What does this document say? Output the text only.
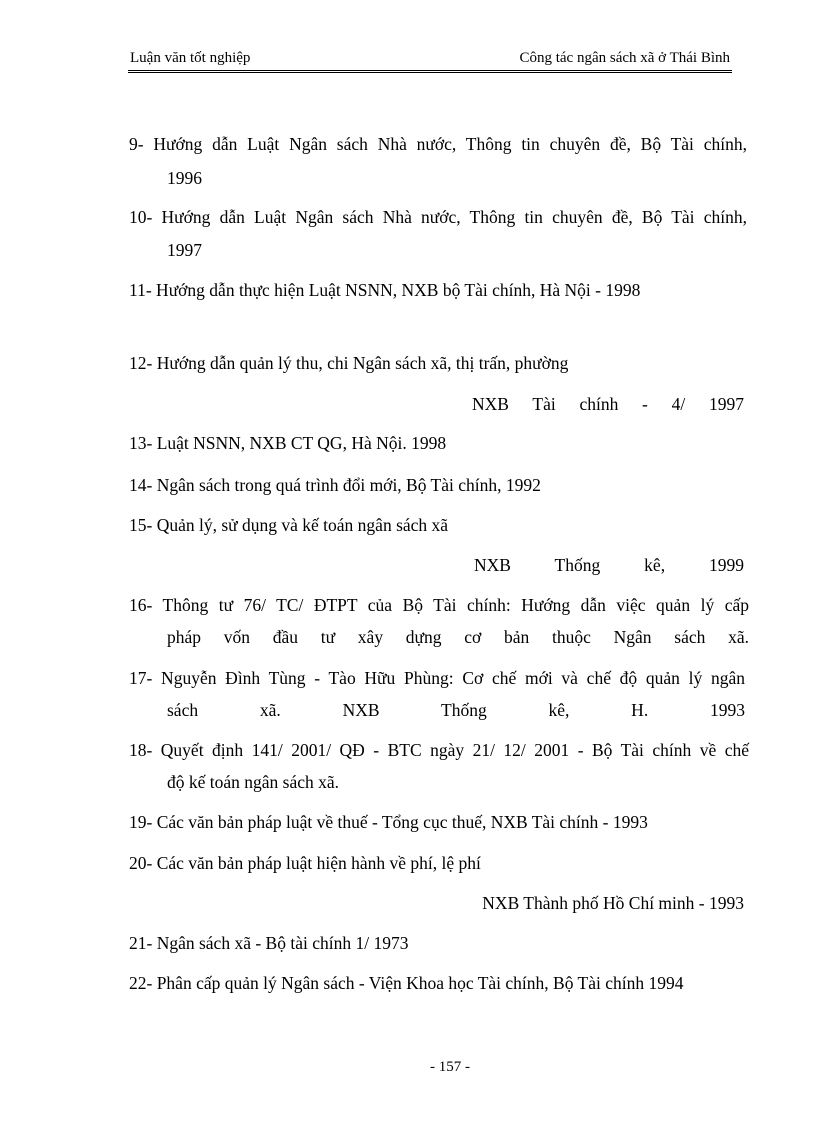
Luận văn tốt nghiệp	Công tác ngân sách xã ở Thái Bình
9- Hướng dẫn Luật Ngân sách Nhà nước, Thông tin chuyên đề, Bộ Tài chính,
1996
10- Hướng dẫn Luật Ngân sách Nhà nước, Thông tin chuyên đề, Bộ Tài chính,
1997
11- Hướng dẫn thực hiện Luật NSNN, NXB bộ Tài chính, Hà Nội - 1998
12- Hướng dẫn quản lý thu, chi Ngân sách xã, thị trấn, phường
NXB Tài chính - 4/ 1997
13- Luật NSNN, NXB CT QG, Hà Nội. 1998
14- Ngân sách trong quá trình đổi mới, Bộ Tài chính, 1992
15- Quản lý, sử dụng và kế toán ngân sách xã
NXB Thống kê, 1999
16- Thông tư 76/ TC/ ĐTPT của Bộ Tài chính: Hướng dẫn việc quản lý cấp
pháp vốn đầu tư xây dựng cơ bản thuộc Ngân sách xã.
17- Nguyễn Đình Tùng - Tào Hữu Phùng: Cơ chế mới và chế độ quản lý ngân
sách xã. NXB Thống kê, H. 1993
18- Quyết định 141/ 2001/ QĐ - BTC ngày 21/ 12/ 2001 - Bộ Tài chính về chế
độ kế toán ngân sách xã.
19- Các văn bản pháp luật về thuế - Tổng cục thuế, NXB Tài chính - 1993
20- Các văn bản pháp luật hiện hành về phí, lệ phí
NXB Thành phố Hồ Chí minh - 1993
21- Ngân sách xã - Bộ tài chính 1/ 1973
22- Phân cấp quản lý Ngân sách - Viện Khoa học Tài chính, Bộ Tài chính 1994
- 157 -
